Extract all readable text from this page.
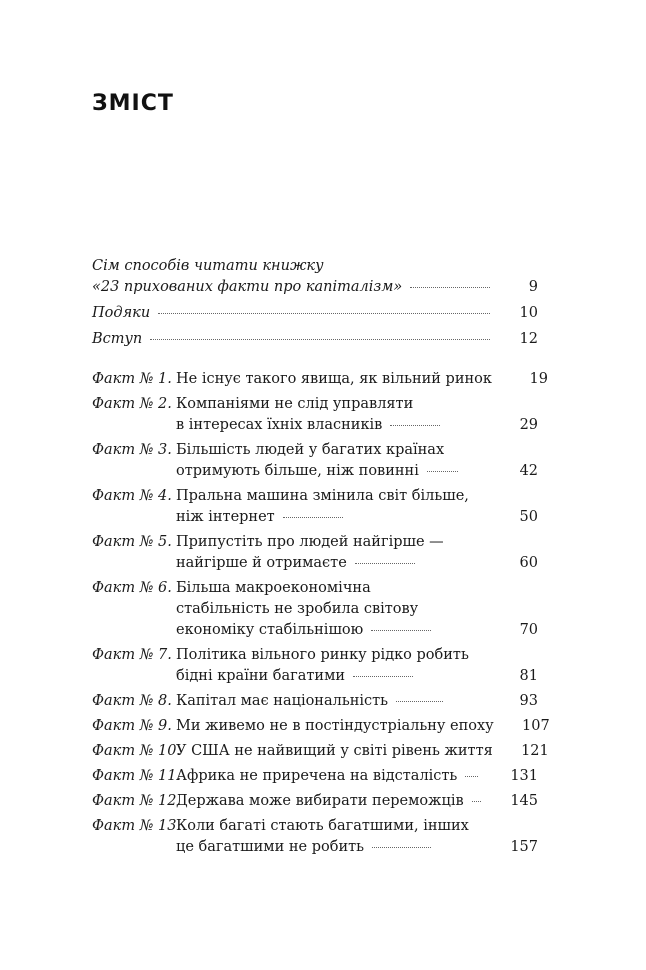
ЗМІСТ
Сім способів читати книжку
«23 прихованих факти про капіталізм»	9
Подяки	10
Вступ	12
Факт № 1. Не існує такого явища, як вільний ринок	19
Факт № 2. Компаніями не слід управляти
в інтересах їхніх власників	29
Факт № 3. Більшість людей у багатих країнах
отримують більше, ніж повинні	42
Факт № 4. Пральна машина змінила світ більше,
ніж інтернет	50
Факт № 5. Припустіть про людей найгірше —
найгірше й отримаєте	60
Факт № 6. Більша макроекономічна
стабільність не зробила світову
економіку стабільнішою	70
Факт № 7. Політика вільного ринку рідко робить
бідні країни багатими	81
Факт № 8. Капітал має національність	93
Факт № 9. Ми живемо не в постіндустріальну епоху	107
Факт № 10.
У США не найвищий у світі рівень життя	121
Факт № 11.
Африка не приречена на відсталість	131
Факт № 12.
Держава може вибирати переможців	145
Факт № 13.
Коли багаті стають багатшими, інших
це багатшими не робить	157
